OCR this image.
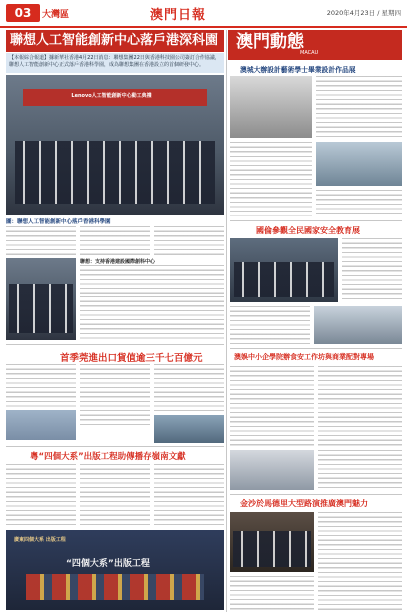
03	大灣區	澳門日報	2020年4月23日 / 星期四
聯想人工智能創新中心落戶港深科園
【本報綜合報道】據新華社香港4月22日消息：聯想集團22日與香港科技園公司簽訂合作協議，聯想人工智能創新中心正式落戶香港科學園，成為聯想集團在香港設立的首個研發中心。
Lenovo人工智能創新中心動工典禮
圖：聯想人工智能創新中心落戶香港科學園
聯想：支持香港建設國際創科中心
首季莞進出口貨值逾三千七百億元
粵“四個大系”出版工程助傳播存嶺南文獻
廣東四個大系 出版工程
“四個大系”出版工程
澳門動態
MACAU
澳城大辦設計藝術學士畢業設計作品展
國倫參觀全民國家安全教育展
澳娛中小企學院辦食安工作坊與商業配對專場
金沙於馬德里大型路演推廣澳門魅力
